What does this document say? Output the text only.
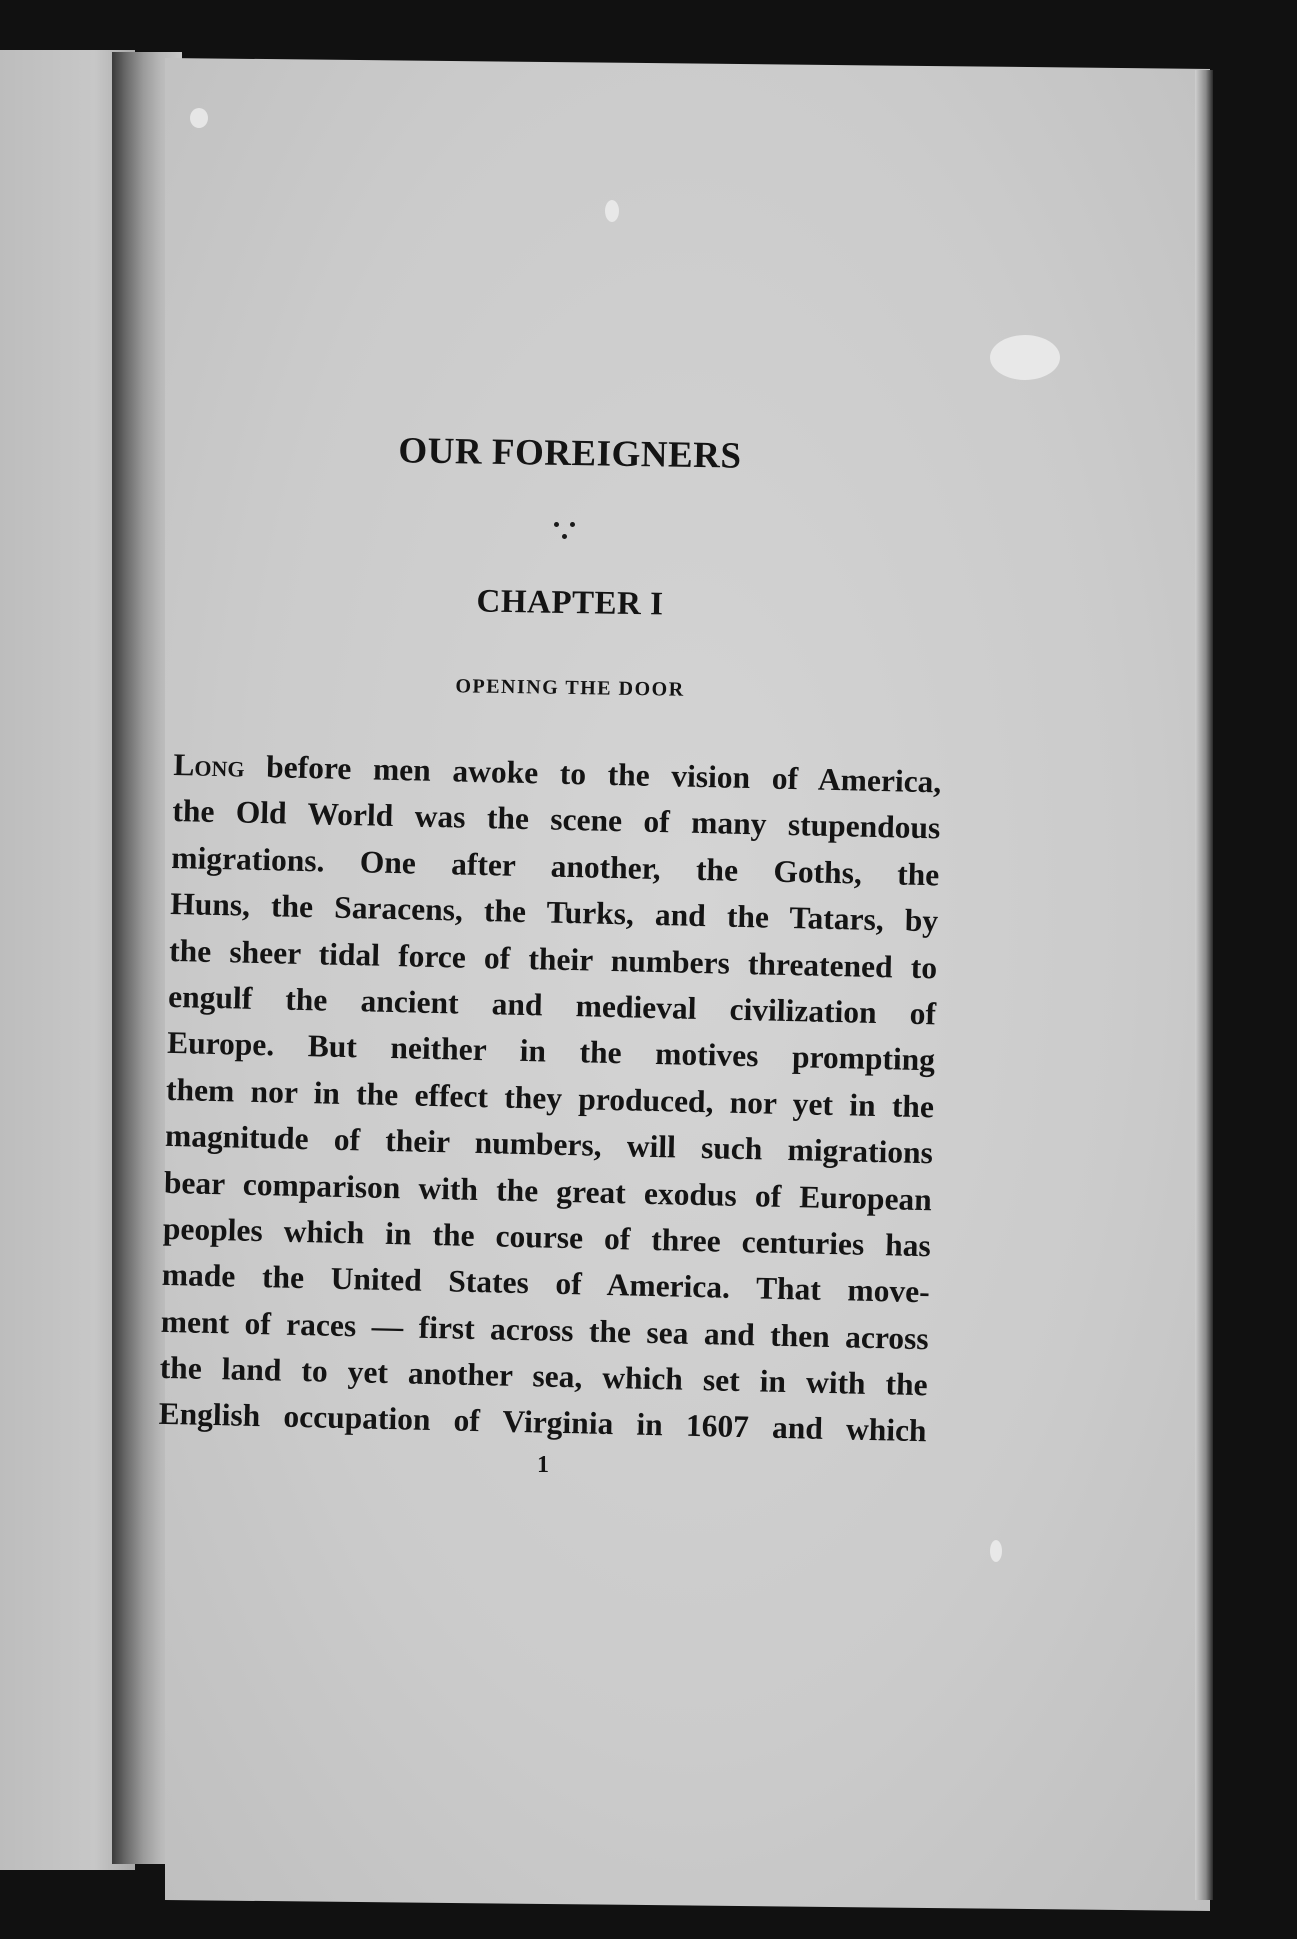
OUR FOREIGNERS
CHAPTER I
OPENING THE DOOR

Long before men awoke to the vision of America,
the Old World was the scene of many stupendous
migrations. One after another, the Goths, the
Huns, the Saracens, the Turks, and the Tatars, by
the sheer tidal force of their numbers threatened to
engulf the ancient and medieval civilization of
Europe. But neither in the motives prompting
them nor in the effect they produced, nor yet in the
magnitude of their numbers, will such migrations
bear comparison with the great exodus of European
peoples which in the course of three centuries has
made the United States of America. That move-
ment of races — first across the sea and then across
the land to yet another sea, which set in with the
English occupation of Virginia in 1607 and which

1
